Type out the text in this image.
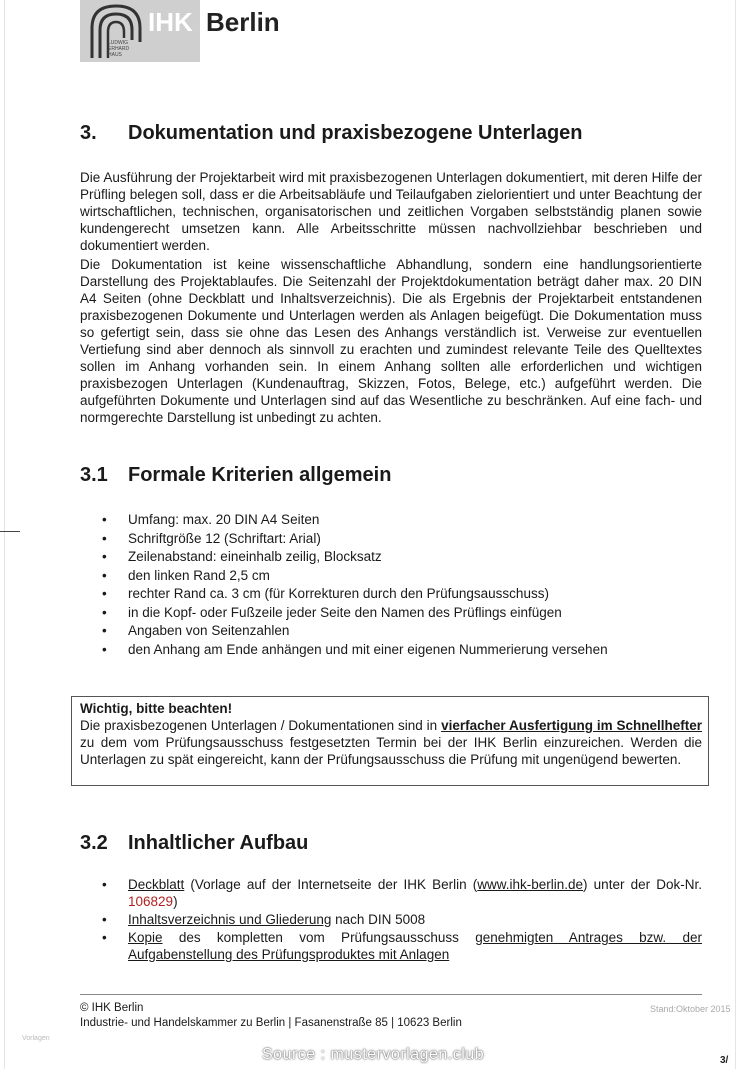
LUDWIG ERHARD HAUS
IHK Berlin
3. Dokumentation und praxisbezogene Unterlagen

Die Ausführung der Projektarbeit wird mit praxisbezogenen Unterlagen dokumentiert, mit deren Hilfe der Prüfling belegen soll, dass er die Arbeitsabläufe und Teilaufgaben zielorientiert und unter Beachtung der wirtschaftlichen, technischen, organisatorischen und zeitlichen Vorgaben selbstständig planen sowie kundengerecht umsetzen kann. Alle Arbeitsschritte müssen nachvollziehbar beschrieben und dokumentiert werden.

Die Dokumentation ist keine wissenschaftliche Abhandlung, sondern eine handlungsorientierte Darstellung des Projektablaufes. Die Seitenzahl der Projektdokumentation beträgt daher max. 20 DIN A4 Seiten (ohne Deckblatt und Inhaltsverzeichnis). Die als Ergebnis der Projektarbeit entstandenen praxisbezogenen Dokumente und Unterlagen werden als Anlagen beigefügt. Die Dokumentation muss so gefertigt sein, dass sie ohne das Lesen des Anhangs verständlich ist. Verweise zur eventuellen Vertiefung sind aber dennoch als sinnvoll zu erachten und zumindest relevante Teile des Quelltextes sollen im Anhang vorhanden sein. In einem Anhang sollten alle erforderlichen und wichtigen praxisbezogen Unterlagen (Kundenauftrag, Skizzen, Fotos, Belege, etc.) aufgeführt werden. Die aufgeführten Dokumente und Unterlagen sind auf das Wesentliche zu beschränken. Auf eine fach- und normgerechte Darstellung ist unbedingt zu achten.

3.1 Formale Kriterien allgemein
• Umfang: max. 20 DIN A4 Seiten
• Schriftgröße 12 (Schriftart: Arial)
• Zeilenabstand: eineinhalb zeilig, Blocksatz
• den linken Rand 2,5 cm
• rechter Rand ca. 3 cm (für Korrekturen durch den Prüfungsausschuss)
• in die Kopf- oder Fußzeile jeder Seite den Namen des Prüflings einfügen
• Angaben von Seitenzahlen
• den Anhang am Ende anhängen und mit einer eigenen Nummerierung versehen
Wichtig, bitte beachten!
Die praxisbezogenen Unterlagen / Dokumentationen sind in vierfacher Ausfertigung im Schnellhefter zu dem vom Prüfungsausschuss festgesetzten Termin bei der IHK Berlin einzureichen. Werden die Unterlagen zu spät eingereicht, kann der Prüfungsausschuss die Prüfung mit ungenügend bewerten.
3.2 Inhaltlicher Aufbau
• Deckblatt (Vorlage auf der Internetseite der IHK Berlin (www.ihk-berlin.de) unter der Dok-Nr. 106829)
• Inhaltsverzeichnis und Gliederung nach DIN 5008
• Kopie des kompletten vom Prüfungsausschuss genehmigten Antrages bzw. der Aufgabenstellung des Prüfungsproduktes mit Anlagen
© IHK Berlin
Industrie- und Handelskammer zu Berlin | Fasanenstraße 85 | 10623 Berlin
Stand:Oktober 2015
Vorlagen
Source : mustervorlagen.club	3/
